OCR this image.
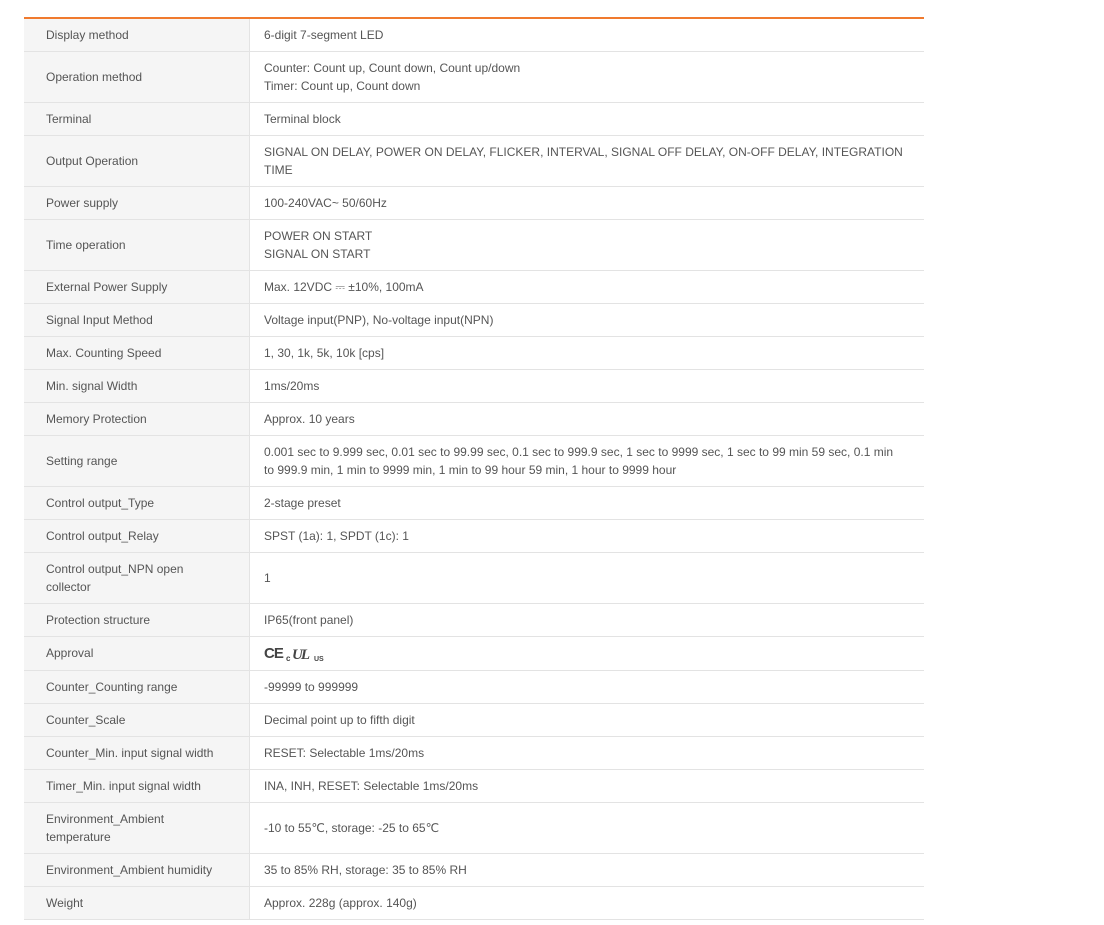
Display method	6-digit 7-segment LED

Operation method	Counter: Count up, Count down, Count up/down
Timer: Count up, Count down

Terminal	Terminal block

Output Operation	SIGNAL ON DELAY, POWER ON DELAY, FLICKER, INTERVAL, SIGNAL OFF DELAY, ON-OFF DELAY, INTEGRATION
TIME

Power supply	100-240VAC~ 50/60Hz

Time operation	POWER ON START
SIGNAL ON START

External Power Supply	Max. 12VDC ⎓ ±10%, 100mA

Signal Input Method	Voltage input(PNP), No-voltage input(NPN)

Max. Counting Speed	1, 30, 1k, 5k, 10k [cps]

Min. signal Width	1ms/20ms

Memory Protection	Approx. 10 years

Setting range	0.001 sec to 9.999 sec, 0.01 sec to 99.99 sec, 0.1 sec to 999.9 sec, 1 sec to 9999 sec, 1 sec to 99 min 59 sec, 0.1 min
to 999.9 min, 1 min to 9999 min, 1 min to 99 hour 59 min, 1 hour to 9999 hour

Control output_Type	2-stage preset

Control output_Relay	SPST (1a): 1, SPDT (1c): 1

Control output_NPN open
collector	1

Protection structure	IP65(front panel)

Approval	CE c UL US

Counter_Counting range	-99999 to 999999

Counter_Scale	Decimal point up to fifth digit

Counter_Min. input signal width	RESET: Selectable 1ms/20ms

Timer_Min. input signal width	INA, INH, RESET: Selectable 1ms/20ms

Environment_Ambient
temperature	-10 to 55℃, storage: -25 to 65℃

Environment_Ambient humidity	35 to 85% RH, storage: 35 to 85% RH

Weight	Approx. 228g (approx. 140g)
